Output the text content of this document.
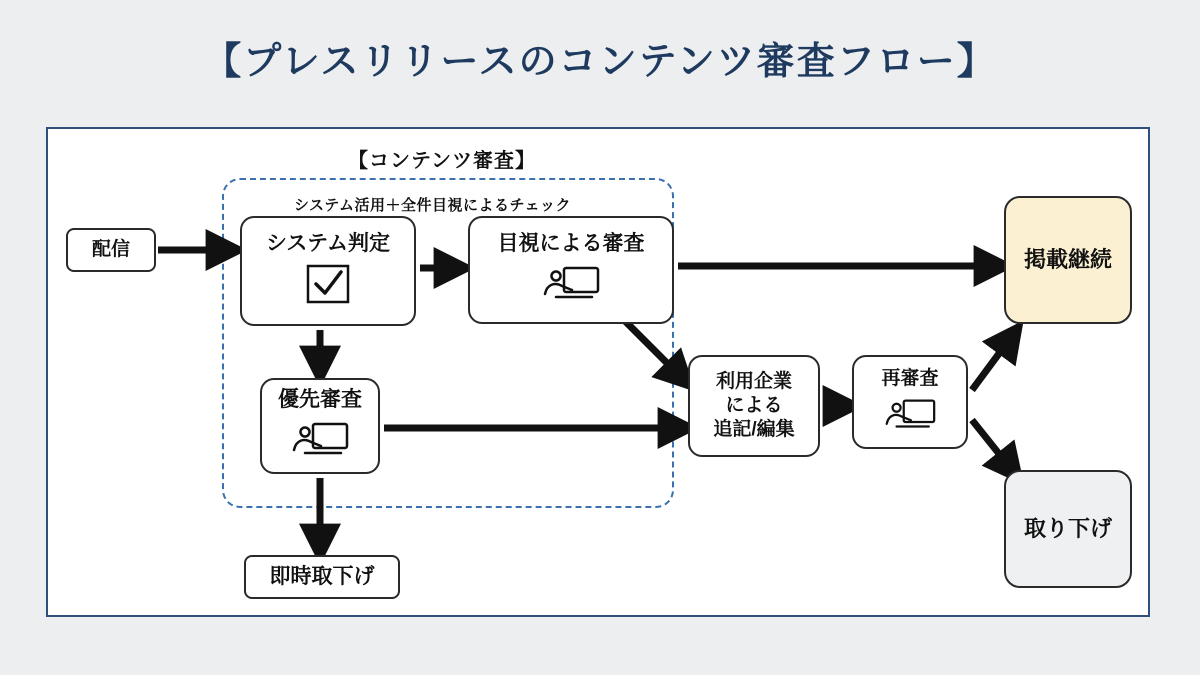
【プレスリリースのコンテンツ審査フロー】
【コンテンツ審査】
システム活用＋全件目視によるチェック
配信	システム判定	目視による審査
優先審査
即時取下げ
利用企業
による
追記/編集
再審査
掲載継続
取り下げ
